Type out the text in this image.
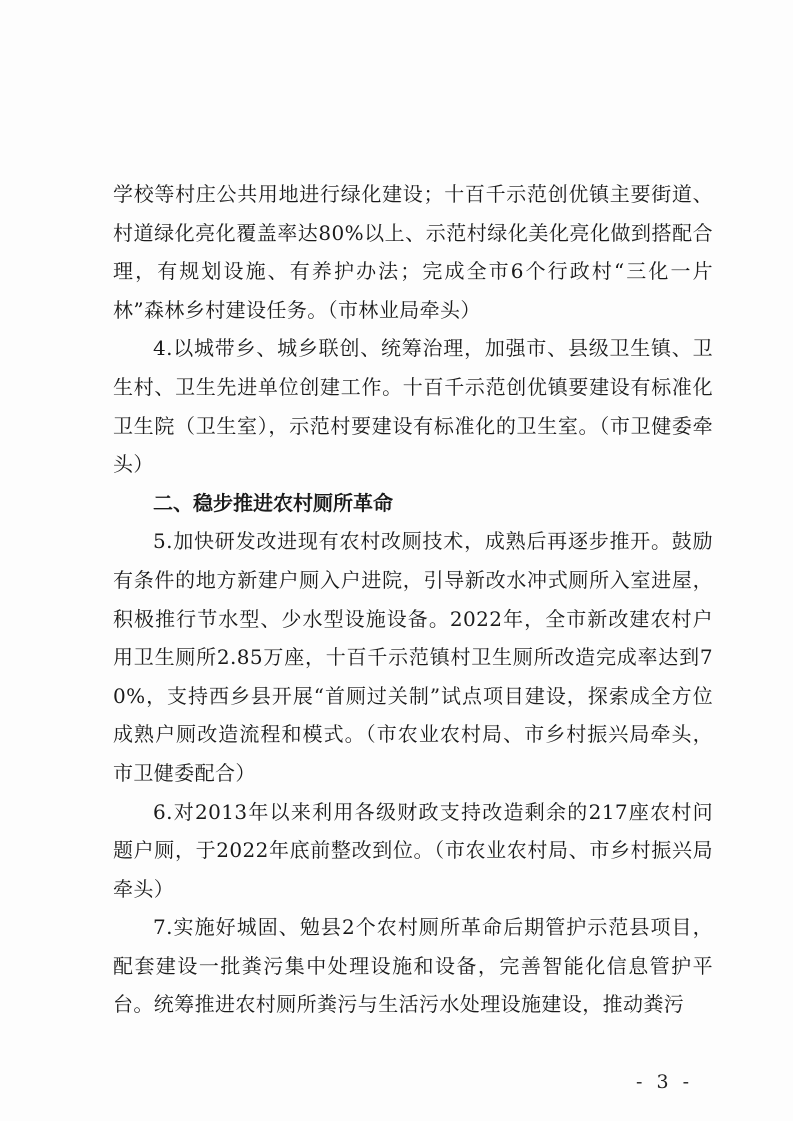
学校等村庄公共用地进行绿化建设；十百千示范创优镇主要街道、村道绿化亮化覆盖率达80%以上、示范村绿化美化亮化做到搭配合理，有规划设施、有养护办法；完成全市6个行政村“三化一片林”森林乡村建设任务。（市林业局牵头）

4.以城带乡、城乡联创、统筹治理，加强市、县级卫生镇、卫生村、卫生先进单位创建工作。十百千示范创优镇要建设有标准化卫生院（卫生室），示范村要建设有标准化的卫生室。（市卫健委牵头）

二、稳步推进农村厕所革命

5.加快研发改进现有农村改厕技术，成熟后再逐步推开。鼓励有条件的地方新建户厕入户进院，引导新改水冲式厕所入室进屋，积极推行节水型、少水型设施设备。2022年，全市新改建农村户用卫生厕所2.85万座，十百千示范镇村卫生厕所改造完成率达到70%，支持西乡县开展“首厕过关制”试点项目建设，探索成全方位成熟户厕改造流程和模式。（市农业农村局、市乡村振兴局牵头，市卫健委配合）

6.对2013年以来利用各级财政支持改造剩余的217座农村问题户厕，于2022年底前整改到位。（市农业农村局、市乡村振兴局牵头）

7.实施好城固、勉县2个农村厕所革命后期管护示范县项目，配套建设一批粪污集中处理设施和设备，完善智能化信息管护平台。统筹推进农村厕所粪污与生活污水处理设施建设，推动粪污

- 3 -
